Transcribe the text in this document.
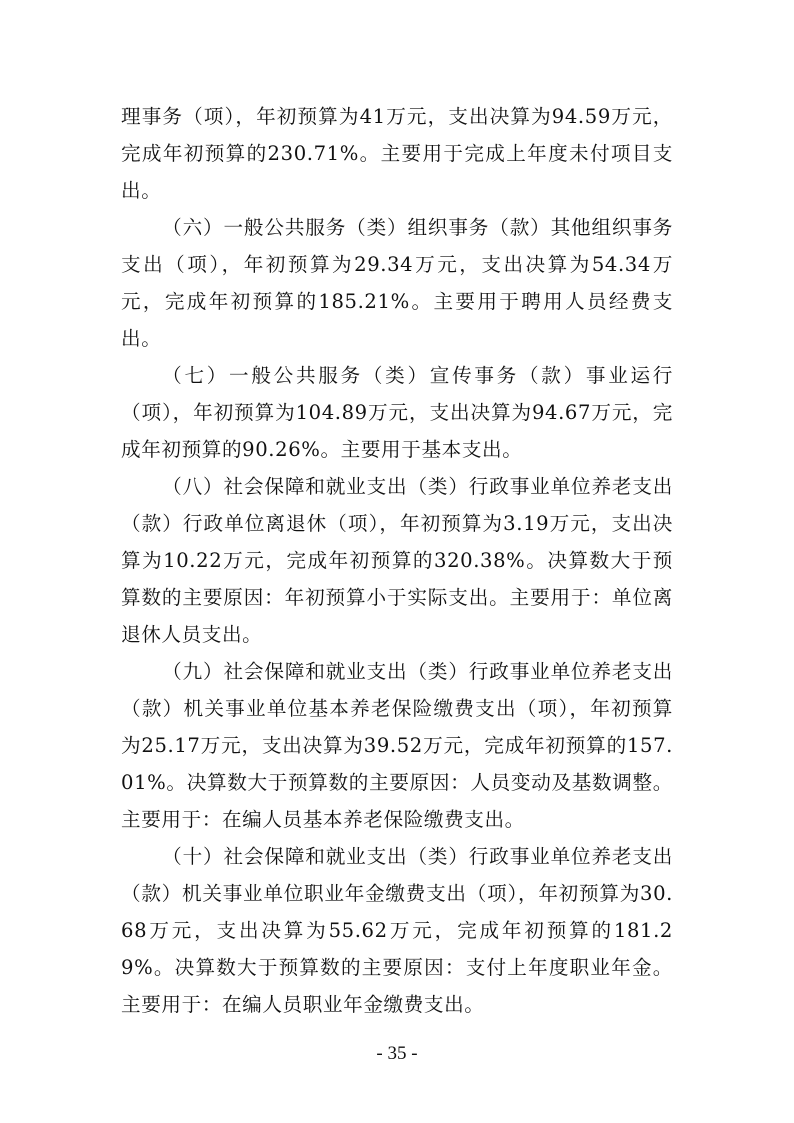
理事务（项），年初预算为41万元，支出决算为94.59万元，完成年初预算的230.71%。主要用于完成上年度未付项目支出。

（六）一般公共服务（类）组织事务（款）其他组织事务支出（项），年初预算为29.34万元，支出决算为54.34万元，完成年初预算的185.21%。主要用于聘用人员经费支出。

（七）一般公共服务（类）宣传事务（款）事业运行（项），年初预算为104.89万元，支出决算为94.67万元，完成年初预算的90.26%。主要用于基本支出。

（八）社会保障和就业支出（类）行政事业单位养老支出（款）行政单位离退休（项），年初预算为3.19万元，支出决算为10.22万元，完成年初预算的320.38%。决算数大于预算数的主要原因：年初预算小于实际支出。主要用于：单位离退休人员支出。

（九）社会保障和就业支出（类）行政事业单位养老支出（款）机关事业单位基本养老保险缴费支出（项），年初预算为25.17万元，支出决算为39.52万元，完成年初预算的157.01%。决算数大于预算数的主要原因：人员变动及基数调整。主要用于：在编人员基本养老保险缴费支出。

（十）社会保障和就业支出（类）行政事业单位养老支出（款）机关事业单位职业年金缴费支出（项），年初预算为30.68万元，支出决算为55.62万元，完成年初预算的181.29%。决算数大于预算数的主要原因：支付上年度职业年金。主要用于：在编人员职业年金缴费支出。

- 35 -
